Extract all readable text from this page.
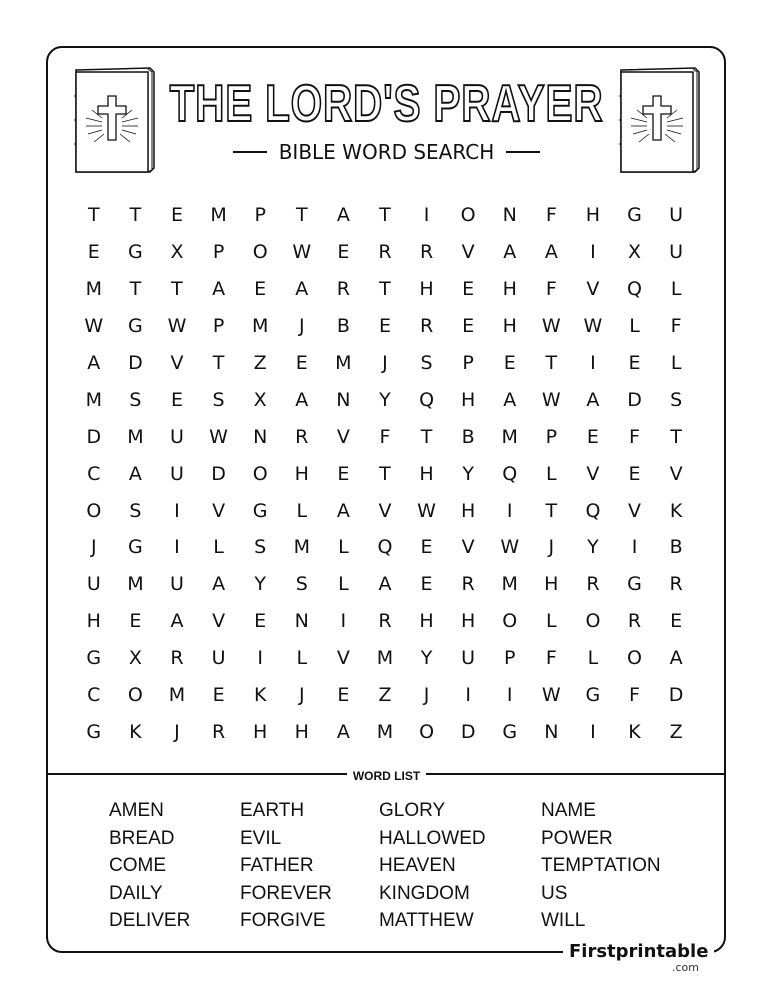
THE LORD'S PRAYER
BIBLE WORD SEARCH
T	T	E	M	P	T	A	T	I	O	N	F	H	G	U
E	G	X	P	O	W	E	R	R	V	A	A	I	X	U
M	T	T	A	E	A	R	T	H	E	H	F	V	Q	L
W	G	W	P	M	J	B	E	R	E	H	W	W	L	F
A	D	V	T	Z	E	M	J	S	P	E	T	I	E	L
M	S	E	S	X	A	N	Y	Q	H	A	W	A	D	S
D	M	U	W	N	R	V	F	T	B	M	P	E	F	T
C	A	U	D	O	H	E	T	H	Y	Q	L	V	E	V
O	S	I	V	G	L	A	V	W	H	I	T	Q	V	K
J	G	I	L	S	M	L	Q	E	V	W	J	Y	I	B
U	M	U	A	Y	S	L	A	E	R	M	H	R	G	R
H	E	A	V	E	N	I	R	H	H	O	L	O	R	E
G	X	R	U	I	L	V	M	Y	U	P	F	L	O	A
C	O	M	E	K	J	E	Z	J	I	I	W	G	F	D
G	K	J	R	H	H	A	M	O	D	G	N	I	K	Z
WORD LIST
AMEN
BREAD
COME
DAILY
DELIVER
EARTH
EVIL
FATHER
FOREVER
FORGIVE
GLORY
HALLOWED
HEAVEN
KINGDOM
MATTHEW
NAME
POWER
TEMPTATION
US
WILL
Firstprintable
.com
